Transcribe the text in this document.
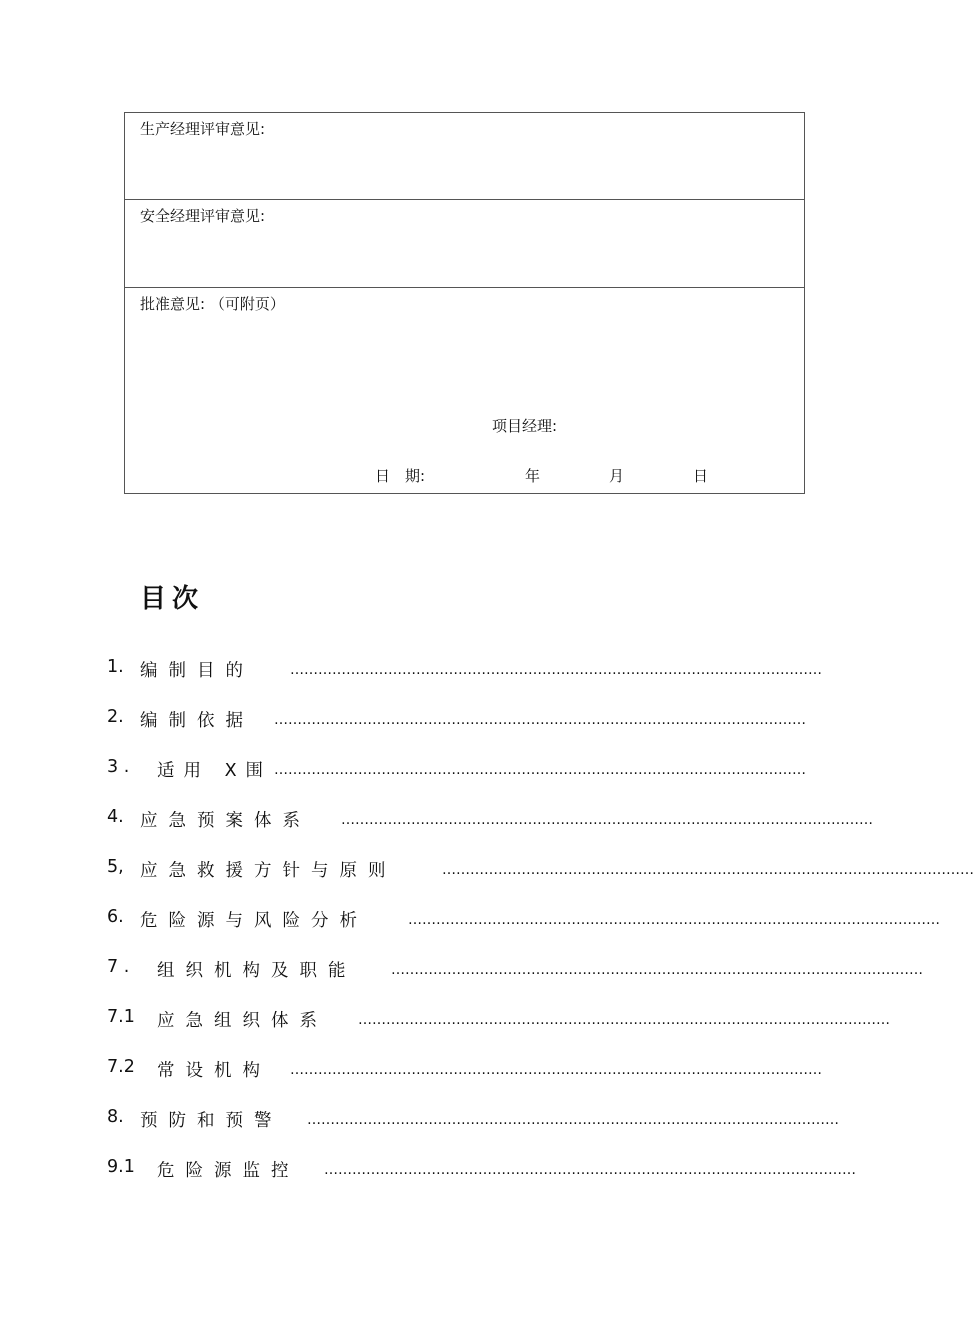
生产经理评审意见:
安全经理评审意见:
批准意见: （可附页）
项目经理:
日　期:	年	月	日
目次
1. 编制目的	……………………………………………………………………………………………………
2. 编制依据 ……………………………………………………………………………………………………
3 . 适用 X围 ……………………………………………………………………………………………………
4. 应急预案体系 ……………………………………………………………………………………………………
5, 应急救援方针与原则	……………………………………………………………………………………………………
6. 危险源与风险分析	……………………………………………………………………………………………………
7 . 组织机构及职能 ……………………………………………………………………………………………………
7.1 应急组织体系 ……………………………………………………………………………………………………
7.2 常设机构 ……………………………………………………………………………………………………
8. 预防和预警 ……………………………………………………………………………………………………
9.1 危险源监控 ……………………………………………………………………………………………………
